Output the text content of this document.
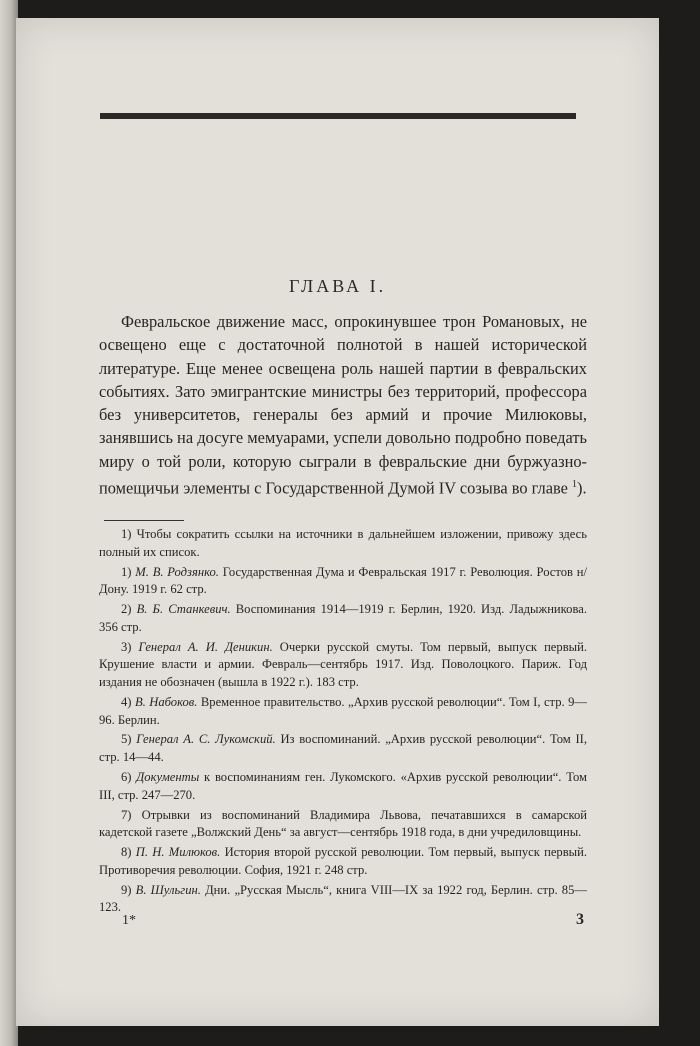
ГЛАВА I.

Февральское движение масс, опрокинувшее трон Романовых, не освещено еще с достаточной полнотой в нашей исторической литературе. Еще менее освещена роль нашей партии в февральских событиях. Зато эмигрантские министры без территорий, профессора без университетов, генералы без армий и прочие Милюковы, занявшись на досуге мемуарами, успели довольно подробно поведать миру о той роли, которую сыграли в февральские дни буржуазно-помещичьи элементы с Государственной Думой IV созыва во главе $^1$).

1) Чтобы сократить ссылки на источники в дальнейшем изложении, привожу здесь полный их список.

1) М. В. Родзянко. Государственная Дума и Февральская 1917 г. Революция. Ростов н/Дону. 1919 г. 62 стр.

2) В. Б. Станкевич. Воспоминания 1914—1919 г. Берлин, 1920. Изд. Ладыжникова. 356 стр.

3) Генерал А. И. Деникин. Очерки русской смуты. Том первый, выпуск первый. Крушение власти и армии. Февраль—сентябрь 1917. Изд. Поволоцкого. Париж. Год издания не обозначен (вышла в 1922 г.). 183 стр.

4) В. Набоков. Временное правительство. „Архив русской революции“. Том I, стр. 9—96. Берлин.

5) Генерал А. С. Лукомский. Из воспоминаний. „Архив русской революции“. Том II, стр. 14—44.

6) Документы к воспоминаниям ген. Лукомского. «Архив русской революции“. Том III, стр. 247—270.

7) Отрывки из воспоминаний Владимира Львова, печатавшихся в самарской кадетской газете „Волжский День“ за август—сентябрь 1918 года, в дни учредиловщины.

8) П. Н. Милюков. История второй русской революции. Том первый, выпуск первый. Противоречия революции. София, 1921 г. 248 стр.

9) В. Шульгин. Дни. „Русская Мысль“, книга VIII—IX за 1922 год, Берлин. стр. 85—123.

1*	3
